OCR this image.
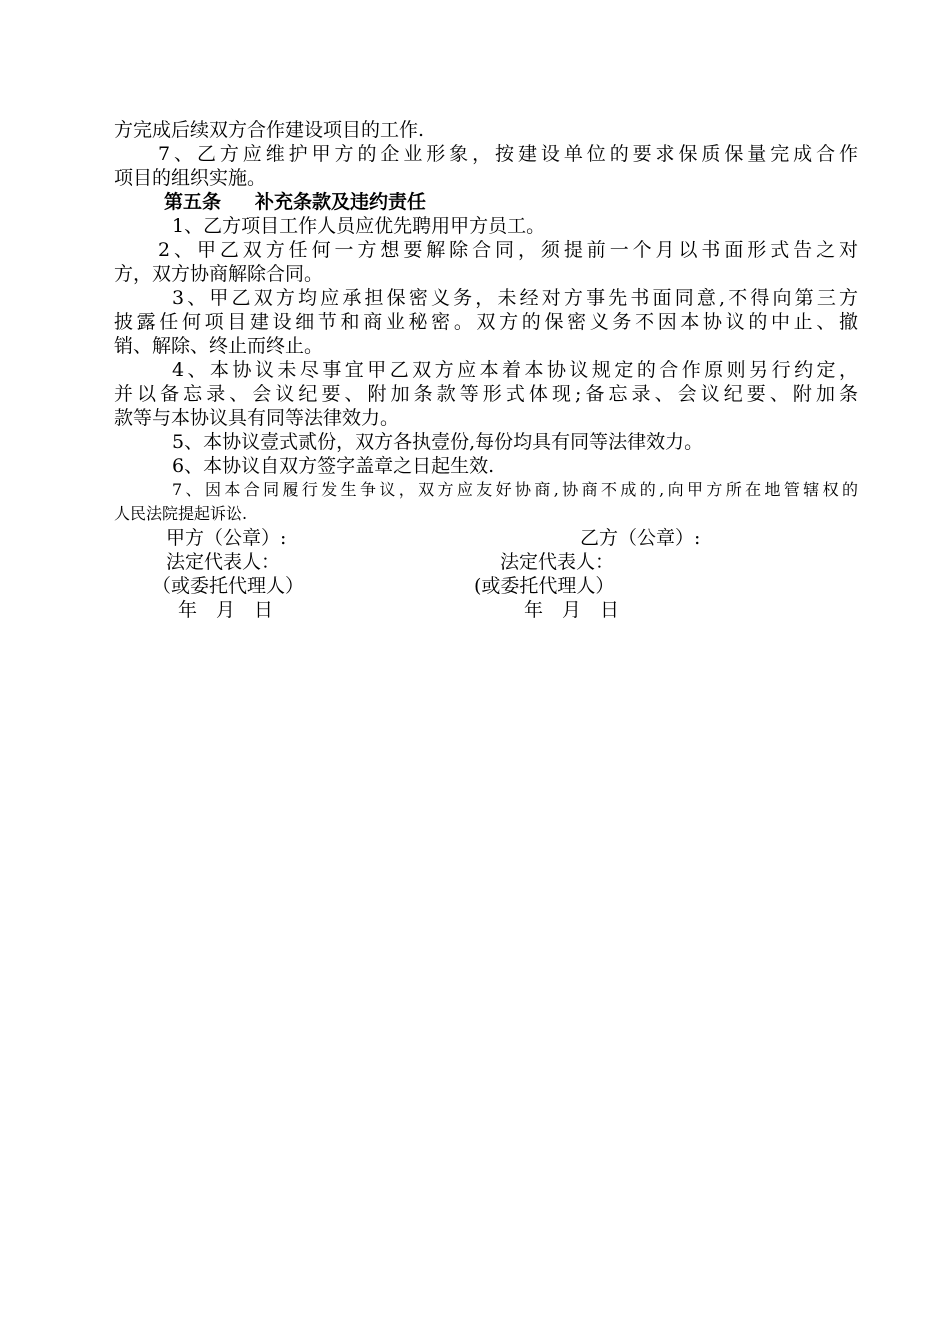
方完成后续双方合作建设项目的工作.
7、乙方应维护甲方的企业形象，按建设单位的要求保质保量完成合作
项目的组织实施。
第五条 补充条款及违约责任
1、乙方项目工作人员应优先聘用甲方员工。
2、甲乙双方任何一方想要解除合同，须提前一个月以书面形式告之对
方，双方协商解除合同。
3、甲乙双方均应承担保密义务，未经对方事先书面同意,不得向第三方
披露任何项目建设细节和商业秘密。双方的保密义务不因本协议的中止、撤
销、解除、终止而终止。
4、本协议未尽事宜甲乙双方应本着本协议规定的合作原则另行约定，
并以备忘录、会议纪要、附加条款等形式体现;备忘录、会议纪要、附加条
款等与本协议具有同等法律效力。
5、本协议壹式贰份，双方各执壹份,每份均具有同等法律效力。
6、本协议自双方签字盖章之日起生效.
7、因本合同履行发生争议，双方应友好协商,协商不成的,向甲方所在地管辖权的
人民法院提起诉讼.
甲方（公章）:	乙方（公章）:
法定代表人：	法定代表人：
（或委托代理人）	(或委托代理人）
年　月　日	年　月　日
